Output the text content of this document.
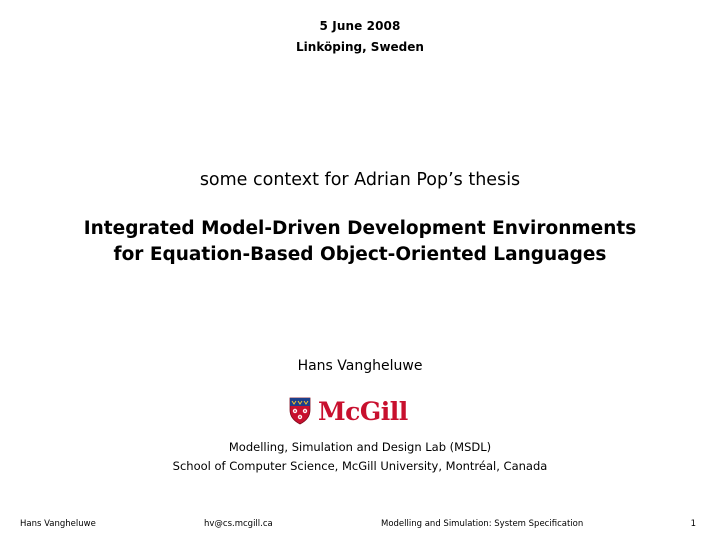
5 June 2008
Linköping, Sweden
some context for Adrian Pop’s thesis
Integrated Model-Driven Development Environments
for Equation-Based Object-Oriented Languages
Hans Vangheluwe
McGill
Modelling, Simulation and Design Lab (MSDL)
School of Computer Science, McGill University, Montréal, Canada
Hans Vangheluwe	hv@cs.mcgill.ca	Modelling and Simulation: System Specification	1
